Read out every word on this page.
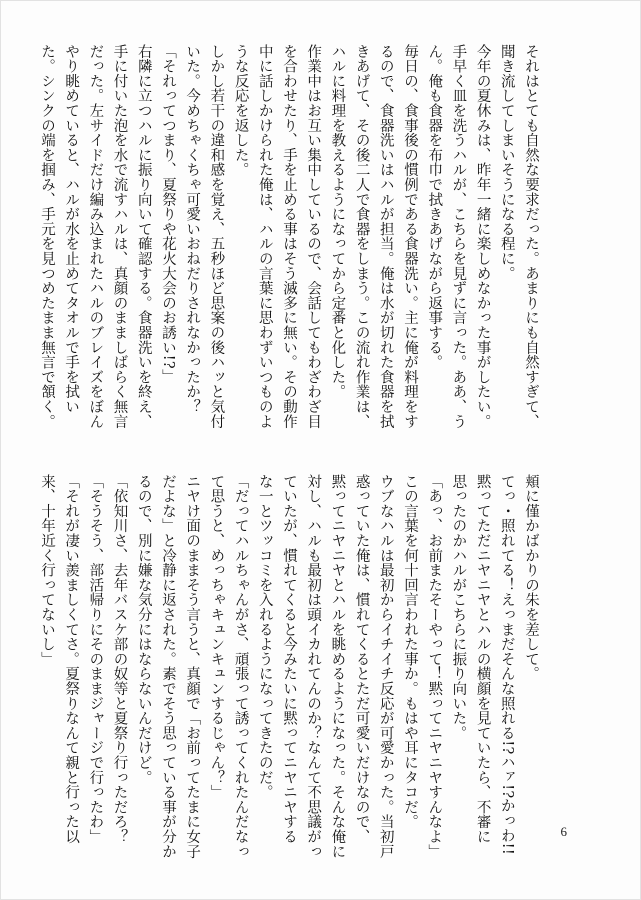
それはとても自然な要求だった。あまりにも自然すぎて、

聞き流してしまいそうになる程に。

今年の夏休みは、昨年一緒に楽しめなかった事がしたい。

手早く皿を洗うハルが、こちらを見ずに言った。ああ、う

ん。俺も食器を布巾で拭きあげながら返事する。

毎日の、食事後の慣例である食器洗い。主に俺が料理をす

るので、食器洗いはハルが担当。俺は水が切れた食器を拭

きあげて、その後二人で食器をしまう。この流れ作業は、

ハルに料理を教えるようになってから定番と化した。

作業中はお互い集中しているので、会話してもわざわざ目

を合わせたり、手を止める事はそう滅多に無い。その動作

中に話しかけられた俺は、ハルの言葉に思わずいつものよ

うな反応を返した。

しかし若干の違和感を覚え、五秒ほど思案の後ハッと気付

いた。今めちゃくちゃ可愛いおねだりされなかったか？

「それってつまり、夏祭りや花火大会のお誘い!?」

右隣に立つハルに振り向いて確認する。食器洗いを終え、

手に付いた泡を水で流すハルは、真顔のまましばらく無言

だった。左サイドだけ編み込まれたハルのブレイズをぼん

やり眺めていると、ハルが水を止めてタオルで手を拭い

た。シンクの端を掴み、手元を見つめたまま無言で頷く。

頬に僅かばかりの朱を差して。

てっ・照れてる！えっまだそんな照れる!?ハァ!?かっわ!!

黙ってただニヤニヤとハルの横顔を見ていたら、不審に

思ったのかハルがこちらに振り向いた。

「あっ、お前またそーやって！黙ってニヤニヤすんなよ」

この言葉を何十回言われた事か。もはや耳にタコだ。

ウブなハルは最初からイチイチ反応が可愛かった。当初戸

惑っていた俺は、慣れてくるとただ可愛いだけなので、

黙ってニヤニヤとハルを眺めるようになった。そんな俺に

対し、ハルも最初は頭イカれてんのか？なんて不思議がっ

ていたが、慣れてくると今みたいに黙ってニヤニヤする

な一とツッコミを入れるようになってきたのだ。

「だってハルちゃんがさ、頑張って誘ってくれたんだなっ

て思うと、めっちゃキュンキュンするじゃん？」

ニヤけ面のままそう言うと、真顔で「お前ってたまに女子

だよな」と冷静に返された。素でそう思っている事が分か

るので、別に嫌な気分にはならないんだけど。

「依知川さ、去年バスケ部の奴等と夏祭り行っただろ？

「そうそう、部活帰りにそのままジャージで行ったわ」

「それが凄い羨ましくてさ。夏祭りなんて親と行った以

来、十年近く行ってないし」

6
